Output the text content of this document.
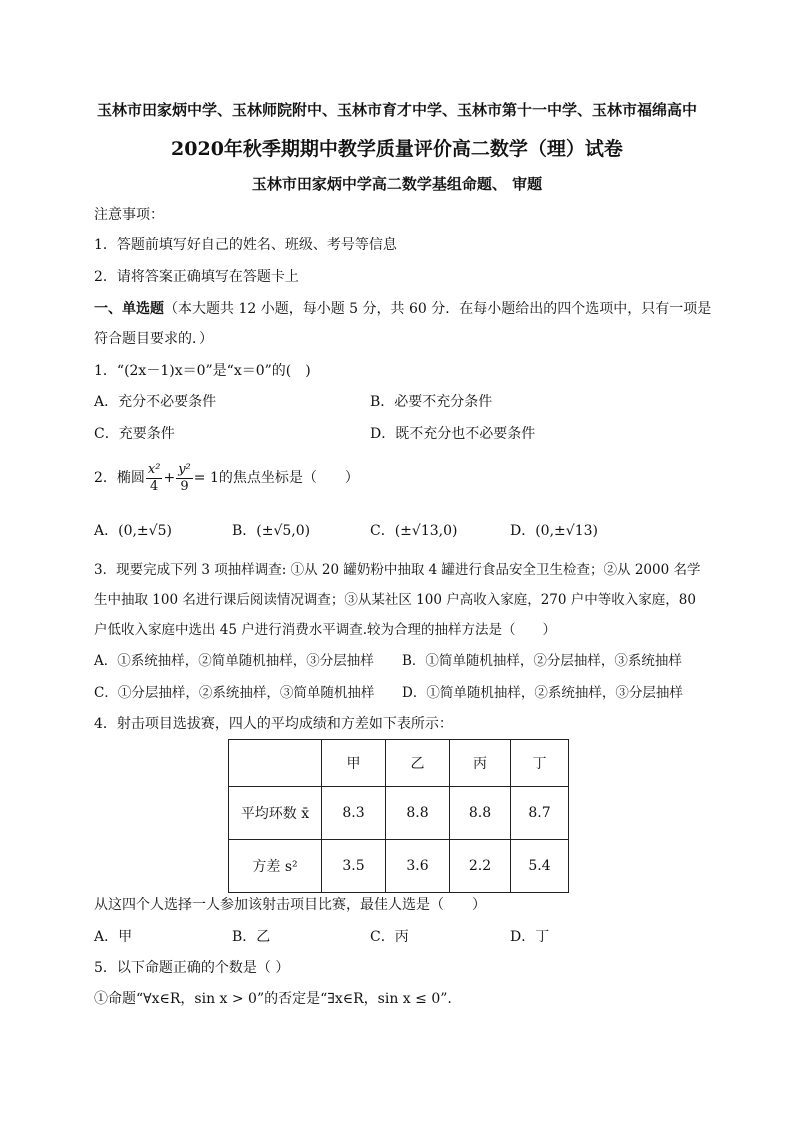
玉林市田家炳中学、玉林师院附中、玉林市育才中学、玉林市第十一中学、玉林市福绵高中
2020年秋季期期中教学质量评价高二数学（理）试卷
玉林市田家炳中学高二数学基组命题、 审题
注意事项：
1．答题前填写好自己的姓名、班级、考号等信息
2．请将答案正确填写在答题卡上
一、单选题（本大题共 12 小题，每小题 5 分，共 60 分．在每小题给出的四个选项中，只有一项是
符合题目要求的．）
1．“(2x－1)x＝0”是“x＝0”的(　)
A．充分不必要条件	B．必要不充分条件
C．充要条件	D．既不充分也不必要条件
2．椭圆 $\frac{\text{x²}}{4} + \frac{\text{y²}}{9} = 1$的焦点坐标是（　　）
A．(0,±√5)	B．(±√5,0)	C．(±√13,0)	D．(0,±√13)
3．现要完成下列 3 项抽样调查: ①从 20 罐奶粉中抽取 4 罐进行食品安全卫生检查；②从 2000 名学
生中抽取 100 名进行课后阅读情况调查；③从某社区 100 户高收入家庭，270 户中等收入家庭，80
户低收入家庭中选出 45 户进行消费水平调查.较为合理的抽样方法是（　　）
A．①系统抽样，②简单随机抽样，③分层抽样 B．①简单随机抽样，②分层抽样，③系统抽样
C．①分层抽样，②系统抽样，③简单随机抽样 D．①简单随机抽样，②系统抽样，③分层抽样
4．射击项目选拔赛，四人的平均成绩和方差如下表所示：
	甲	乙	丙	丁
平均环数 x̄	8.3	8.8	8.8	8.7
方差 s²	3.5	3.6	2.2	5.4
从这四个人选择一人参加该射击项目比赛，最佳人选是（　　）
A．甲	B．乙	C．丙	D．丁
5．以下命题正确的个数是（ ）
①命题“∀x∈R，sin x > 0”的否定是“∃x∈R，sin x ≤ 0”.
